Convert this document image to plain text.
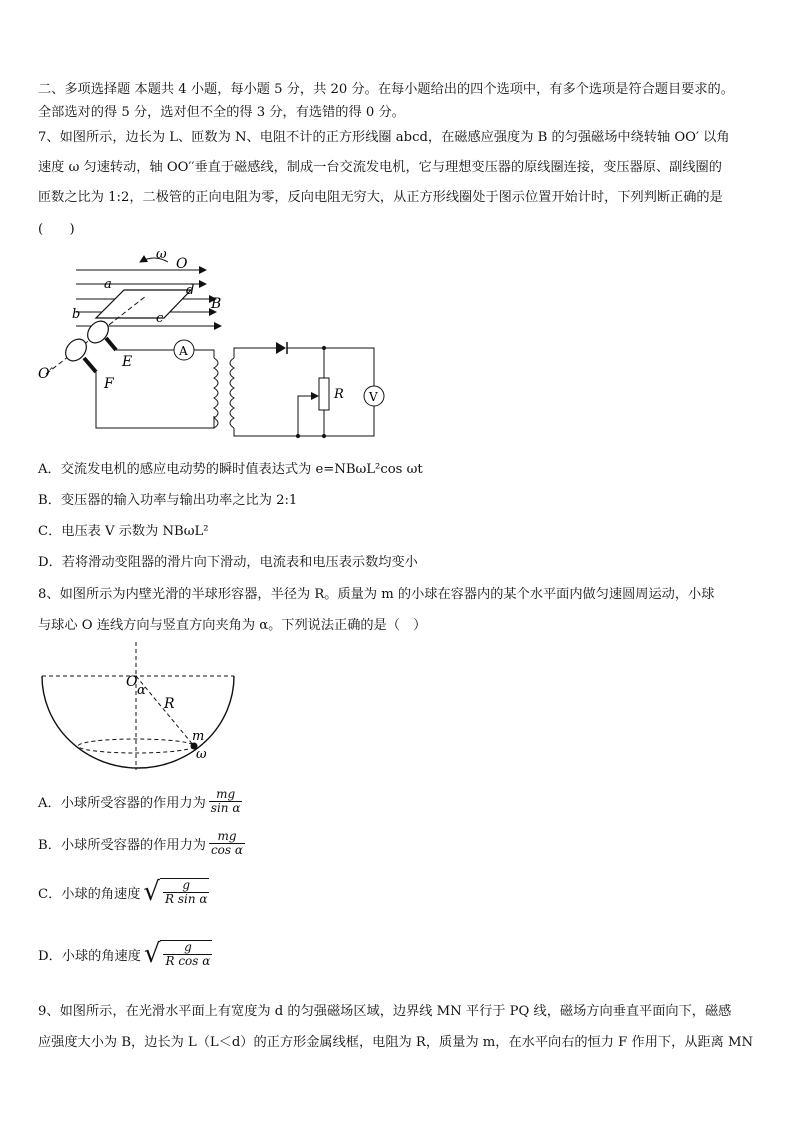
二、多项选择题 本题共 4 小题，每小题 5 分，共 20 分。在每小题给出的四个选项中，有多个选项是符合题目要求的。
全部选对的得 5 分，选对但不全的得 3 分，有选错的得 0 分。
7、如图所示，边长为 L、匝数为 N、电阻不计的正方形线圈 abcd，在磁感应强度为 B 的匀强磁场中绕转轴 OO′ 以角
速度 ω 匀速转动，轴 OO′′垂直于磁感线，制成一台交流发电机，它与理想变压器的原线圈连接，变压器原、副线圈的
匝数之比为 1:2，二极管的正向电阻为零，反向电阻无穷大，从正方形线圈处于图示位置开始计时，下列判断正确的是
(　　)
ω
O
a	d
B
b	c
O′
E
F
A
R V
A．交流发电机的感应电动势的瞬时值表达式为 e=NBωL²cos ωt
B．变压器的输入功率与输出功率之比为 2:1
C．电压表 V 示数为 NBωL²
D．若将滑动变阻器的滑片向下滑动，电流表和电压表示数均变小
8、如图所示为内壁光滑的半球形容器，半径为 R。质量为 m 的小球在容器内的某个水平面内做匀速圆周运动，小球
与球心 O 连线方向与竖直方向夹角为 α。下列说法正确的是（　）
O
α
R
m
ω
A．小球所受容器的作用力为 $\frac{mg}{\text{sin α}}$
B．小球所受容器的作用力为 $\frac{mg}{\text{cos α}}$
C．小球的角速度 √ $\frac{g}{\text{R sin α}}$
D．小球的角速度 √ $\frac{g}{\text{R cos α}}$
9、如图所示，在光滑水平面上有宽度为 d 的匀强磁场区域，边界线 MN 平行于 PQ 线，磁场方向垂直平面向下，磁感
应强度大小为 B，边长为 L（L＜d）的正方形金属线框，电阻为 R，质量为 m，在水平向右的恒力 F 作用下，从距离 MN
